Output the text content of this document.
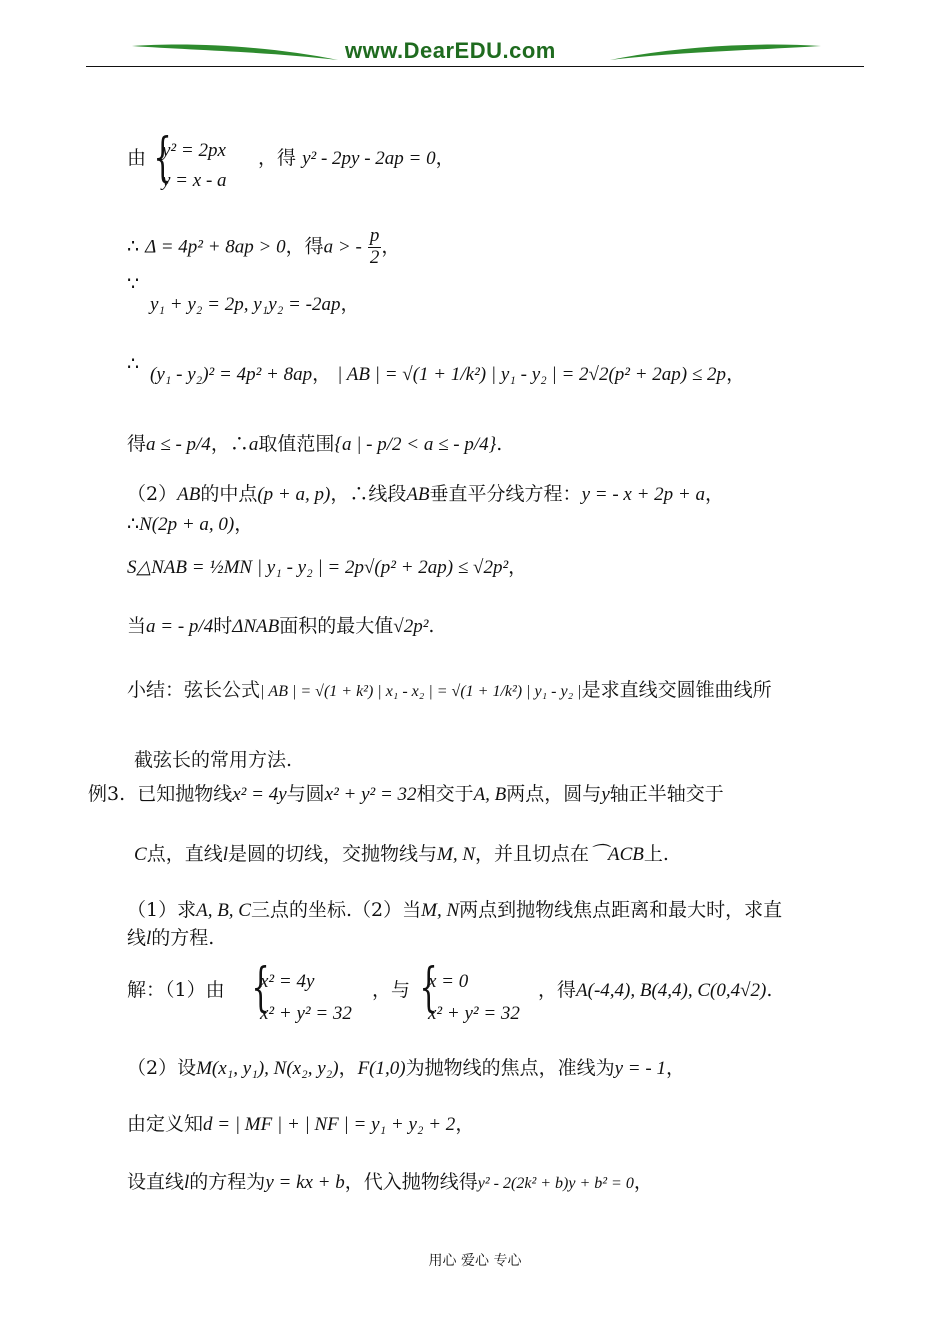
www.DearEDU.com
由 {
y² = 2px
y = x - a
，得 y² - 2py - 2ap = 0，
∴ Δ = 4p² + 8ap > 0，得a > - $\frac{p}{2}$ ，
∵
y₁ + y₂ = 2p, y₁y₂ = -2ap，
∴ (y₁ - y₂)² = 4p² + 8ap， | AB | = √(1 + 1/k²) | y₁ - y₂ | = 2√2(p² + 2ap) ≤ 2p，
得a ≤ - p/4，∴a取值范围{a | - p/2 < a ≤ - p/4}.
（2）AB的中点(p + a, p)，∴线段AB垂直平分线方程：y = - x + 2p + a，
∴N(2p + a, 0)，
S△NAB = ½MN | y₁ - y₂ | = 2p√(p² + 2ap) ≤ √2p²，
当a = - p/4时ΔNAB面积的最大值√2p².
小结：弦长公式| AB | = √(1 + k²) | x₁ - x₂ | = √(1 + 1/k²) | y₁ - y₂ |是求直线交圆锥曲线所
截弦长的常用方法.
例3. 已知抛物线x² = 4y与圆x² + y² = 32相交于A, B两点，圆与y轴正半轴交于
C点，直线l是圆的切线，交抛物线与M, N，并且切点在⌒ACB上.
（1）求A, B, C三点的坐标.（2）当M, N两点到抛物线焦点距离和最大时，求直
线l的方程.
解：（1）由 {
x² = 4y
x² + y² = 32
，与 {
x = 0
x² + y² = 32
，得A(-4,4), B(4,4), C(0,4√2).
（2）设M(x₁, y₁), N(x₂, y₂)，F(1,0)为抛物线的焦点，准线为y = - 1，
由定义知d = | MF | + | NF | = y₁ + y₂ + 2，
设直线l的方程为y = kx + b，代入抛物线得y² - 2(2k² + b)y + b² = 0，
用心 爱心 专心
